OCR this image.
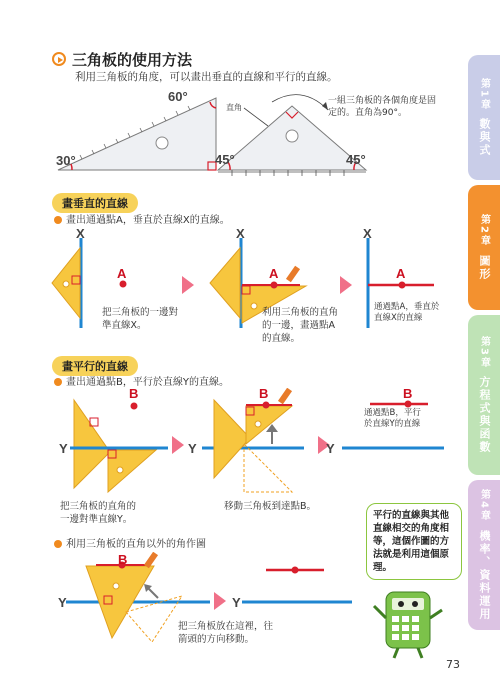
三角板的使用方法
利用三角板的角度，可以畫出垂直的直線和平行的直線。
60°
30°
直角
45°	45°
一組三角板的各個角度是固定的。直角為90°。
畫垂直的直線
畫出通過點A，垂直於直線X的直線。
X
A
把三角板的一邊對準直線X。
X
A
利用三角板的直角的一邊，畫過點A的直線。
X
A
通過點A，垂直於直線X的直線
畫平行的直線
畫出通過點B，平行於直線Y的直線。
Y
B
把三角板的直角的一邊對準直線Y。
Y
B
移動三角板到達點B。
Y
B
通過點B，平行於直線Y的直線
利用三角板的直角以外的角作圖
Y
B
把三角板放在這裡，往箭頭的方向移動。
Y
平行的直線與其他直線相交的角度相等，這個作圖的方法就是利用這個原理。
第1章
數與式
第2章
圖形
第3章
方程式與函數
第4章
機率、資料運用
73
